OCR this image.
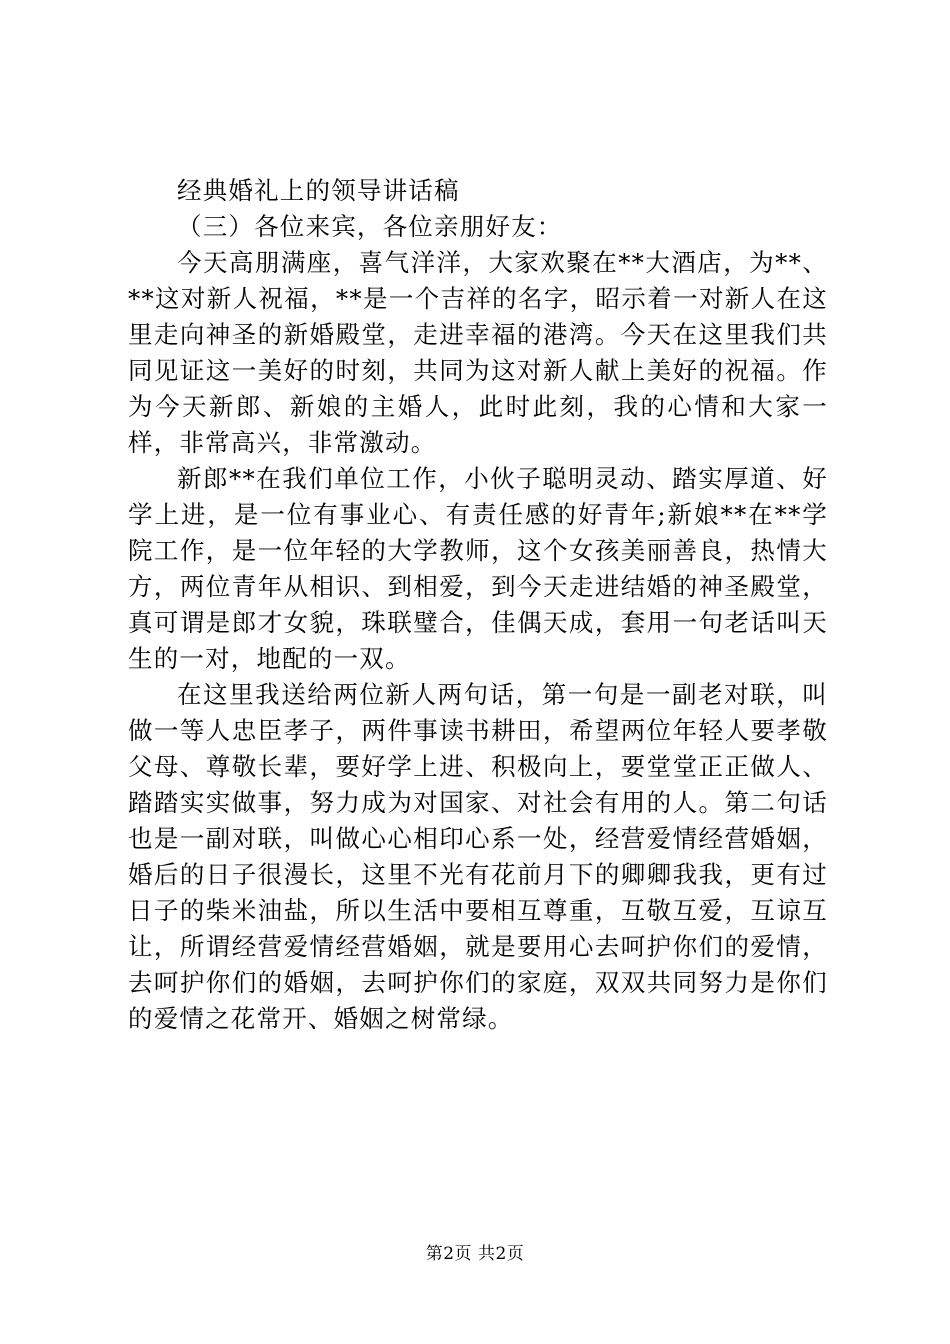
经典婚礼上的领导讲话稿

（三）各位来宾，各位亲朋好友：

今天高朋满座，喜气洋洋，大家欢聚在**大酒店，为**、**这对新人祝福，**是一个吉祥的名字，昭示着一对新人在这里走向神圣的新婚殿堂，走进幸福的港湾。今天在这里我们共同见证这一美好的时刻，共同为这对新人献上美好的祝福。作为今天新郎、新娘的主婚人，此时此刻，我的心情和大家一样，非常高兴，非常激动。

新郎**在我们单位工作，小伙子聪明灵动、踏实厚道、好学上进，是一位有事业心、有责任感的好青年;新娘**在**学院工作，是一位年轻的大学教师，这个女孩美丽善良，热情大方，两位青年从相识、到相爱，到今天走进结婚的神圣殿堂，真可谓是郎才女貌，珠联璧合，佳偶天成，套用一句老话叫天生的一对，地配的一双。

在这里我送给两位新人两句话，第一句是一副老对联，叫做一等人忠臣孝子，两件事读书耕田，希望两位年轻人要孝敬父母、尊敬长辈，要好学上进、积极向上，要堂堂正正做人、踏踏实实做事，努力成为对国家、对社会有用的人。第二句话也是一副对联，叫做心心相印心系一处，经营爱情经营婚姻，婚后的日子很漫长，这里不光有花前月下的卿卿我我，更有过日子的柴米油盐，所以生活中要相互尊重，互敬互爱，互谅互让，所谓经营爱情经营婚姻，就是要用心去呵护你们的爱情，去呵护你们的婚姻，去呵护你们的家庭，双双共同努力是你们的爱情之花常开、婚姻之树常绿。

第2页 共2页
